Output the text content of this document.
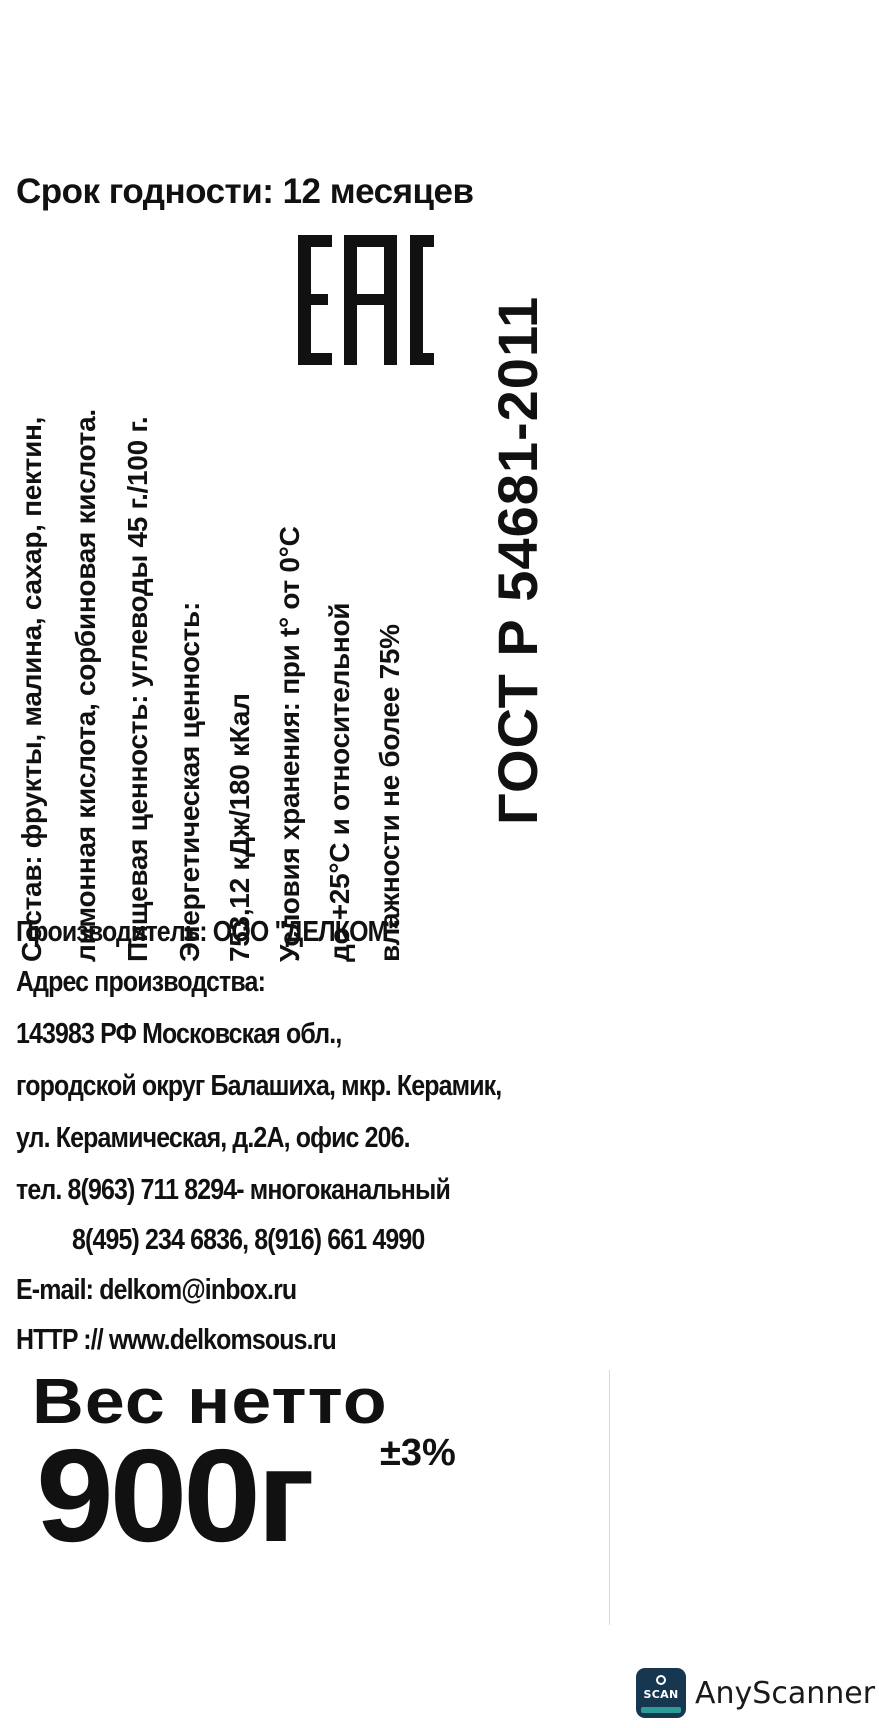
Срок годности: 12 месяцев

Состав: фрукты, малина, сахар, пектин, лимонная кислота, сорбиновая кислота. Пищевая ценность: углеводы 45 г./100 г. Энергетическая ценность: 753,12 кДж/180 кКал Условия хранения: при t° от 0°С до +25°С и относительной влажности не более 75% ГОСТ Р 54681-2011

Производитель: ООО "ДЕЛКОМ"

Адрес производства:

143983 РФ Московская обл.,

городской округ Балашиха, мкр. Керамик,

ул. Керамическая, д.2А, офис 206.

тел. 8(963) 711 8294- многоканальный

8(495) 234 6836, 8(916) 661 4990

E-mail: delkom@inbox.ru

HTTP :// www.delkomsous.ru

Вес нетто

900г ±3%

SCAN AnyScanner
